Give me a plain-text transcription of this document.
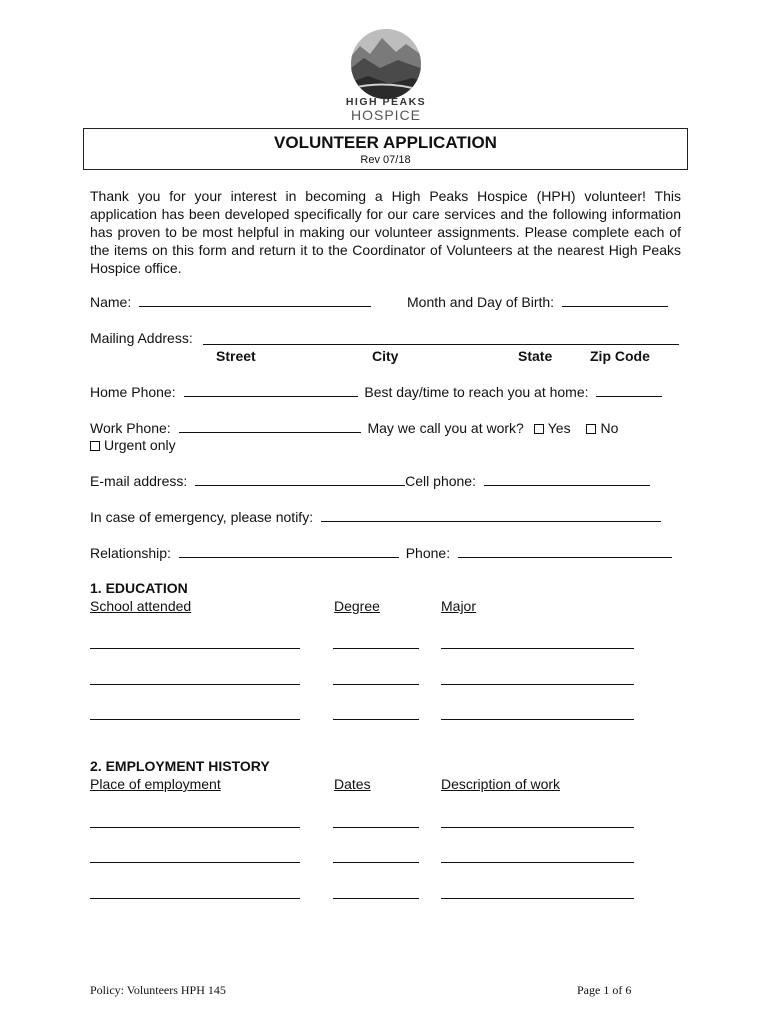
HIGH PEAKS
HOSPICE
VOLUNTEER APPLICATION
Rev 07/18
Thank you for your interest in becoming a High Peaks Hospice (HPH) volunteer! This application has been developed specifically for our care services and the following information has proven to be most helpful in making our volunteer assignments. Please complete each of the items on this form and return it to the Coordinator of Volunteers at the nearest High Peaks Hospice office.
Name:	Month and Day of Birth:
Mailing Address:
Street	City	State	Zip Code
Home Phone:	Best day/time to reach you at home:
Work Phone:	May we call you at work? Yes No
Urgent only
E-mail address:	Cell phone:
In case of emergency, please notify:
Relationship:	Phone:
1. EDUCATION
School attended	Degree	Major
2. EMPLOYMENT HISTORY
Place of employment	Dates	Description of work
Policy: Volunteers HPH 145	Page 1 of 6
